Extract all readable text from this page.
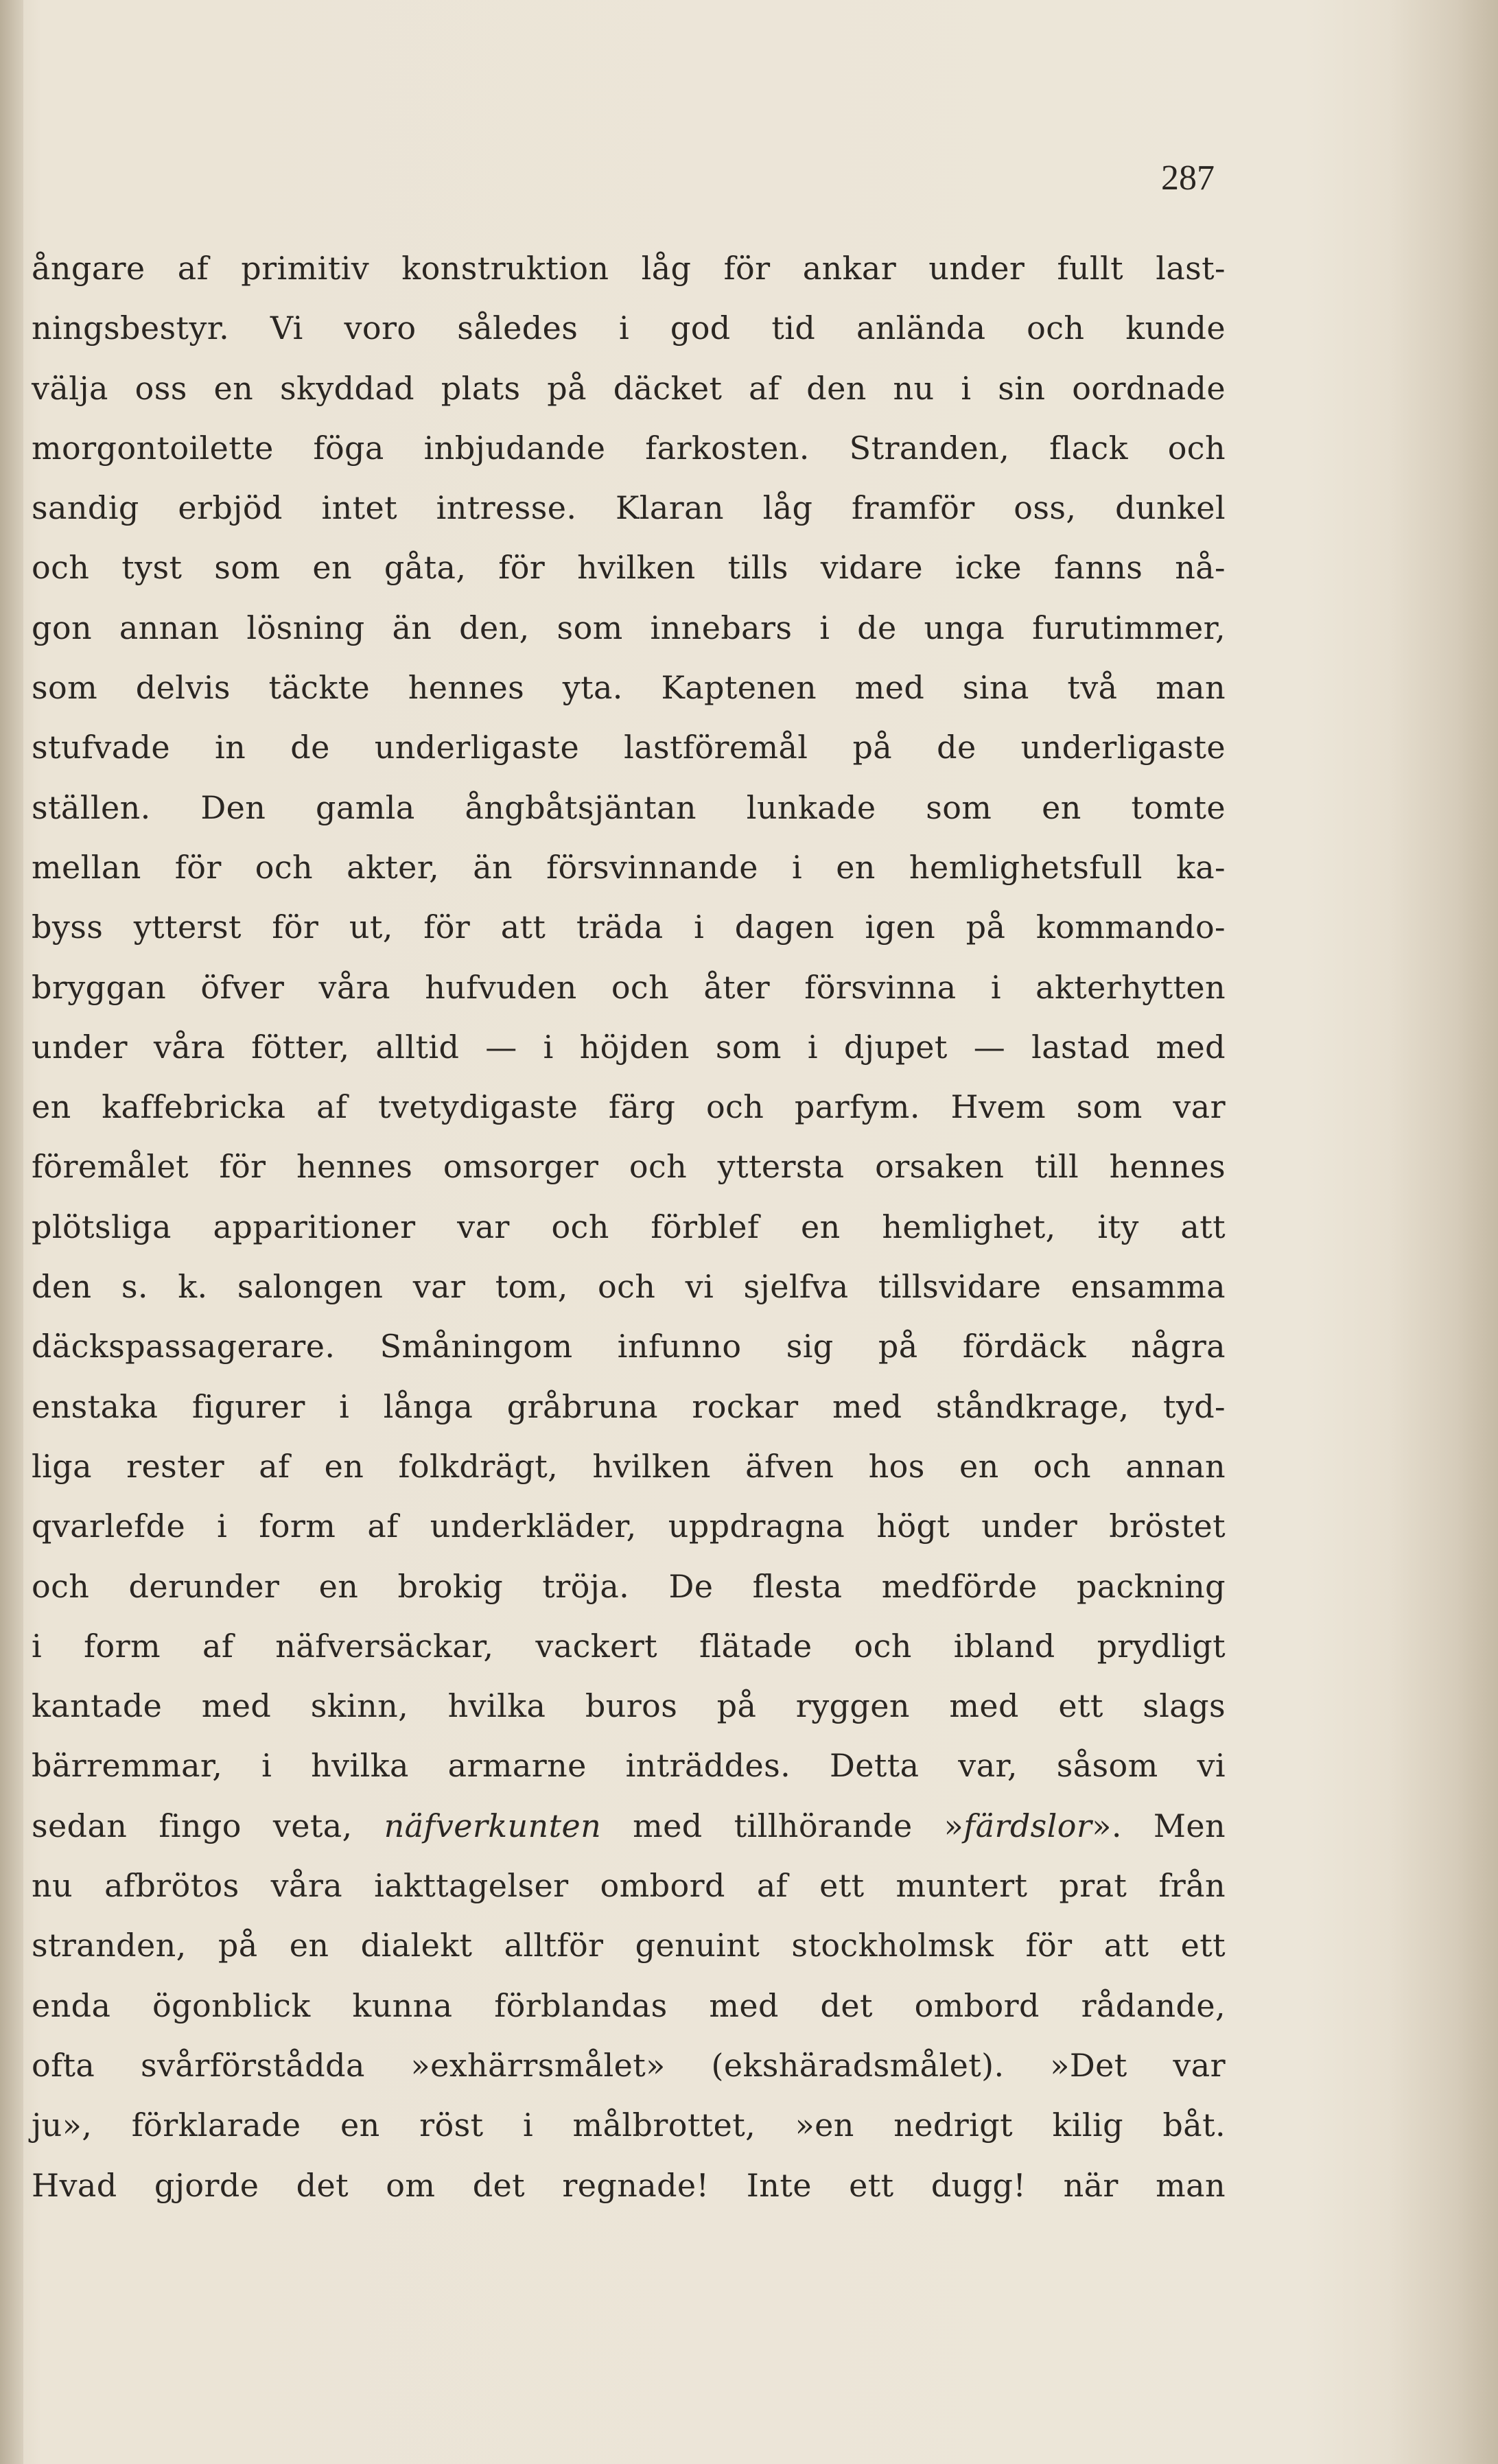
287
ångare af primitiv konstruktion låg för ankar under fullt last-
ningsbestyr. Vi voro således i god tid anlända och kunde
välja oss en skyddad plats på däcket af den nu i sin oordnade
morgontoilette föga inbjudande farkosten. Stranden, flack och
sandig erbjöd intet intresse. Klaran låg framför oss, dunkel
och tyst som en gåta, för hvilken tills vidare icke fanns nå-
gon annan lösning än den, som innebars i de unga furutimmer,
som delvis täckte hennes yta. Kaptenen med sina två man
stufvade in de underligaste lastföremål på de underligaste
ställen. Den gamla ångbåtsjäntan lunkade som en tomte
mellan för och akter, än försvinnande i en hemlighetsfull ka-
byss ytterst för ut, för att träda i dagen igen på kommando-
bryggan öfver våra hufvuden och åter försvinna i akterhytten
under våra fötter, alltid — i höjden som i djupet — lastad med
en kaffebricka af tvetydigaste färg och parfym. Hvem som var
föremålet för hennes omsorger och yttersta orsaken till hennes
plötsliga apparitioner var och förblef en hemlighet, ity att
den s. k. salongen var tom, och vi sjelfva tillsvidare ensamma
däckspassagerare. Småningom infunno sig på fördäck några
enstaka figurer i långa gråbruna rockar med ståndkrage, tyd-
liga rester af en folkdrägt, hvilken äfven hos en och annan
qvarlefde i form af underkläder, uppdragna högt under bröstet
och derunder en brokig tröja. De flesta medförde packning
i form af näfversäckar, vackert flätade och ibland prydligt
kantade med skinn, hvilka buros på ryggen med ett slags
bärremmar, i hvilka armarne inträddes. Detta var, såsom vi
sedan fingo veta, näfverkunten med tillhörande »färdslor». Men
nu afbrötos våra iakttagelser ombord af ett muntert prat från
stranden, på en dialekt alltför genuint stockholmsk för att ett
enda ögonblick kunna förblandas med det ombord rådande,
ofta svårförstådda »exhärrsmålet» (ekshäradsmålet). »Det var
ju», förklarade en röst i målbrottet, »en nedrigt kilig båt.
Hvad gjorde det om det regnade! Inte ett dugg! när man
